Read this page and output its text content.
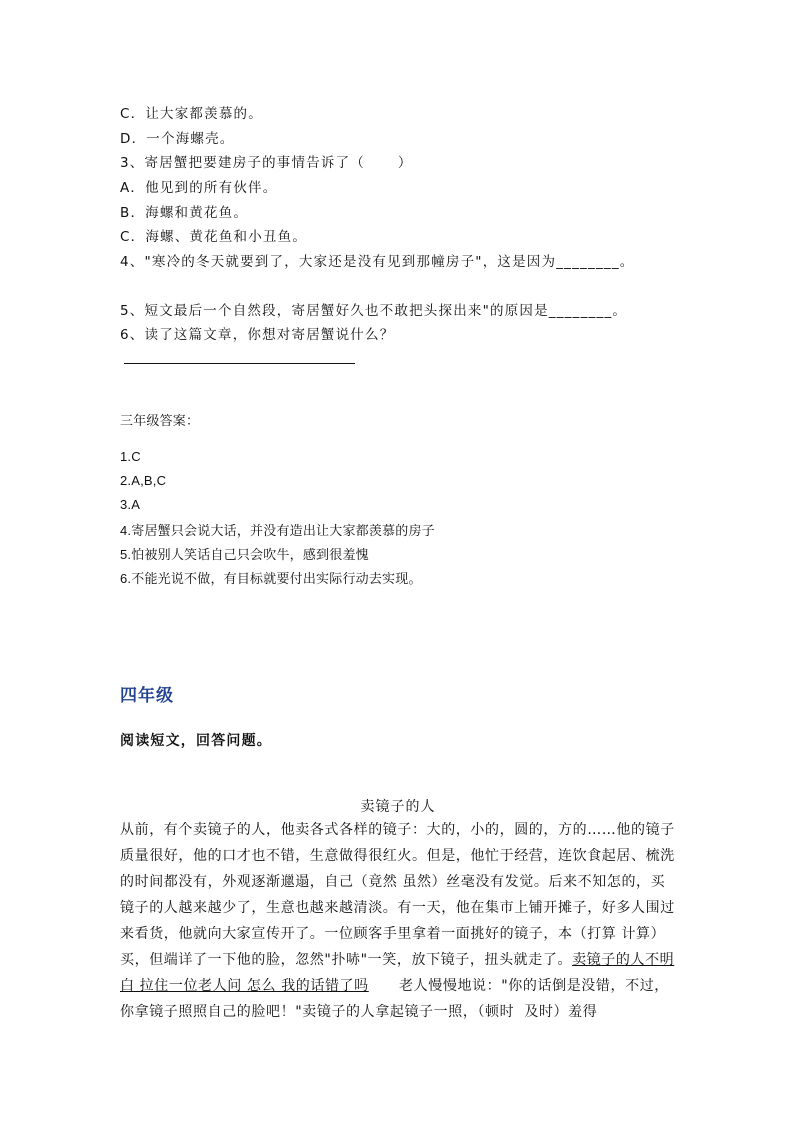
C．让大家都羡慕的。
D．一个海螺壳。
3、寄居蟹把要建房子的事情告诉了（      ）
A．他见到的所有伙伴。
B．海螺和黄花鱼。
C．海螺、黄花鱼和小丑鱼。
4、"寒冷的冬天就要到了，大家还是没有见到那幢房子"，这是因为________。
5、短文最后一个自然段，寄居蟹好久也不敢把头探出来"的原因是________。
6、读了这篇文章，你想对寄居蟹说什么？
三年级答案：
1.C
2.A,B,C
3.A
4.寄居蟹只会说大话，并没有造出让大家都羡慕的房子
5.怕被别人笑话自己只会吹牛，感到很羞愧
6.不能光说不做，有目标就要付出实际行动去实现。
四年级
阅读短文，回答问题。
卖镜子的人
从前，有个卖镜子的人，他卖各式各样的镜子：大的，小的，圆的，方的……他的镜子质量很好，他的口才也不错，生意做得很红火。但是，他忙于经营，连饮食起居、梳洗的时间都没有，外观逐渐邋遢，自己（竟然 虽然）丝毫没有发觉。后来不知怎的，买镜子的人越来越少了，生意也越来越清淡。有一天，他在集市上铺开摊子，好多人围过来看货，他就向大家宣传开了。一位顾客手里拿着一面挑好的镜子，本（打算 计算）买，但端详了一下他的脸，忽然"扑哧"一笑，放下镜子，扭头就走了。卖镜子的人不明白 拉住一位老人问 怎么 我的话错了吗      老人慢慢地说："你的话倒是没错，不过，你拿镜子照照自己的脸吧！"卖镜子的人拿起镜子一照，（顿时  及时）羞得
